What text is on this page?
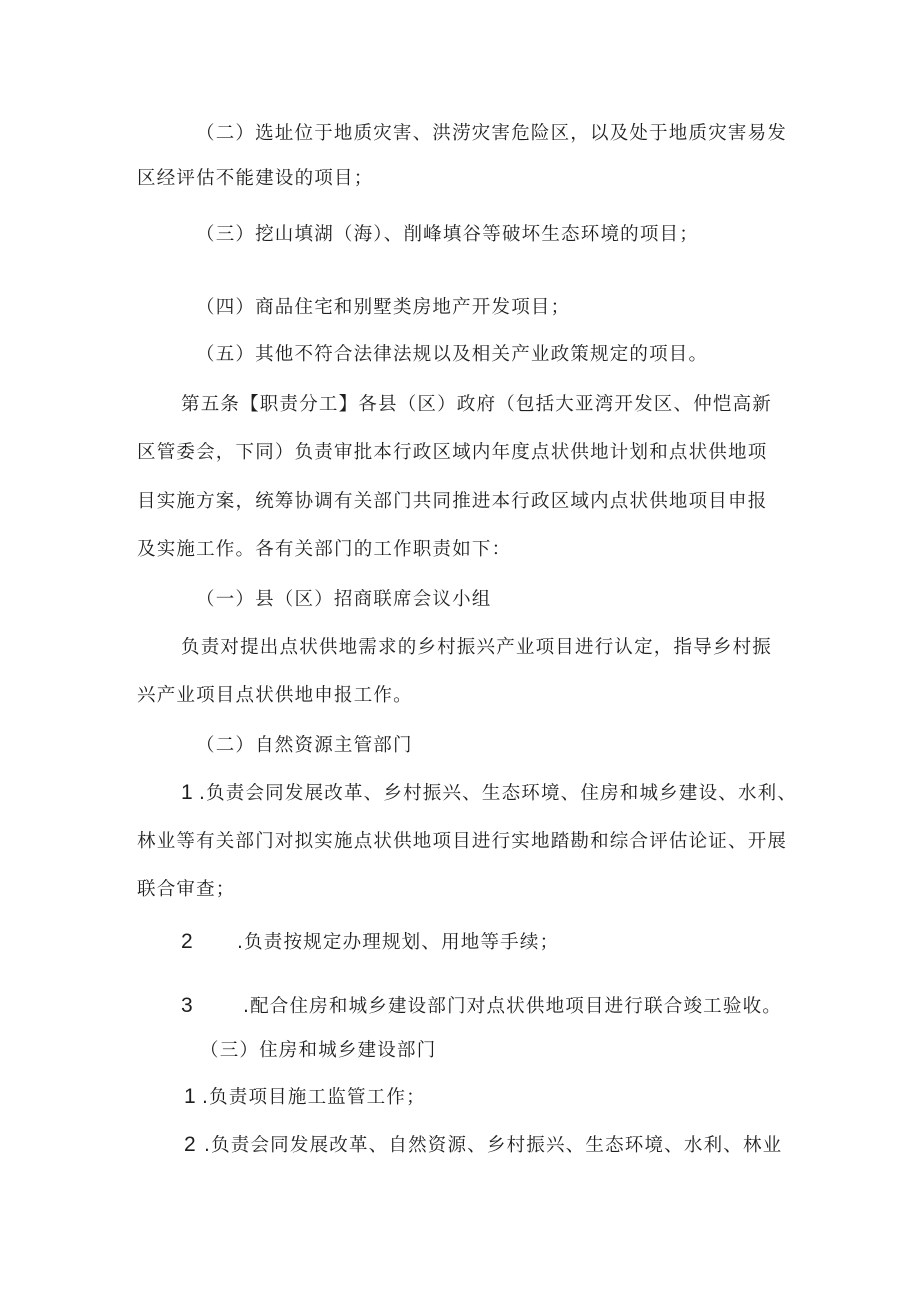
（二）选址位于地质灾害、洪涝灾害危险区，以及处于地质灾害易发

区经评估不能建设的项目；

（三）挖山填湖（海）、削峰填谷等破坏生态环境的项目；

（四）商品住宅和别墅类房地产开发项目；

（五）其他不符合法律法规以及相关产业政策规定的项目。

第五条【职责分工】各县（区）政府（包括大亚湾开发区、仲恺高新

区管委会，下同）负责审批本行政区域内年度点状供地计划和点状供地项

目实施方案，统筹协调有关部门共同推进本行政区域内点状供地项目申报

及实施工作。各有关部门的工作职责如下：

（一）县（区）招商联席会议小组

负责对提出点状供地需求的乡村振兴产业项目进行认定，指导乡村振

兴产业项目点状供地申报工作。

（二）自然资源主管部门

1 .负责会同发展改革、乡村振兴、生态环境、住房和城乡建设、水利、

林业等有关部门对拟实施点状供地项目进行实地踏勘和综合评估论证、开展

联合审查；

2 .负责按规定办理规划、用地等手续；

3	.配合住房和城乡建设部门对点状供地项目进行联合竣工验收。

（三）住房和城乡建设部门

1 .负责项目施工监管工作；

2 .负责会同发展改革、自然资源、乡村振兴、生态环境、水利、林业
